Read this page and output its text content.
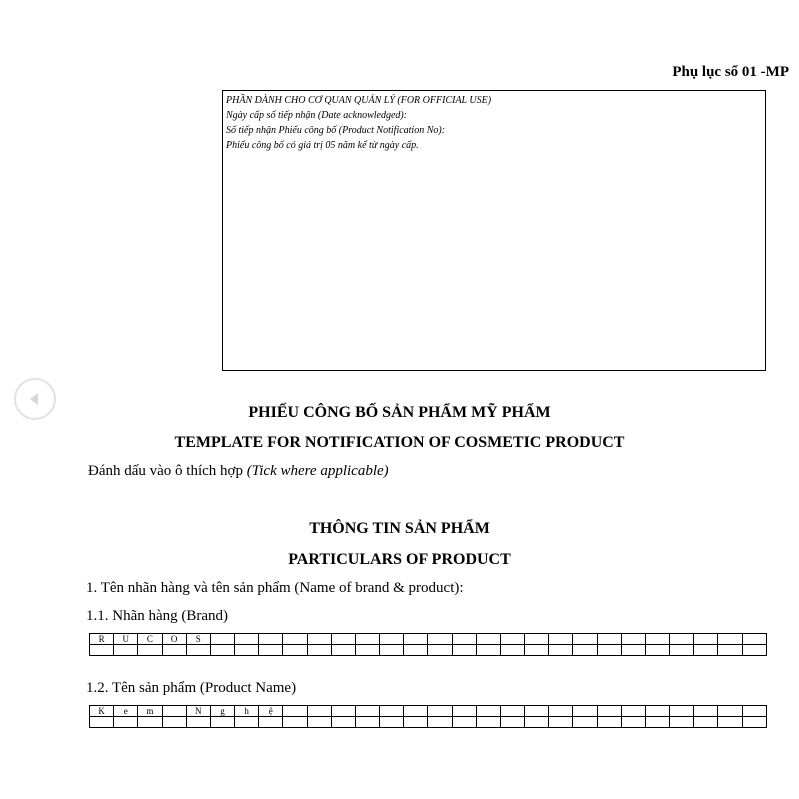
Phụ lục số 01 -MP
PHẦN DÀNH CHO CƠ QUAN QUẢN LÝ (FOR OFFICIAL USE)
Ngày cấp số tiếp nhận (Date acknowledged):
Số tiếp nhận Phiếu công bố (Product Notification No):
Phiếu công bố có giá trị 05 năm kể từ ngày cấp.
PHIẾU CÔNG BỐ SẢN PHẨM MỸ PHẨM
TEMPLATE FOR NOTIFICATION OF COSMETIC PRODUCT
Đánh dấu vào ô thích hợp (Tick where applicable)
THÔNG TIN SẢN PHẨM
PARTICULARS OF PRODUCT
1. Tên nhãn hàng và tên sản phẩm (Name of brand & product):
1.1. Nhãn hàng (Brand)
R	U	C	O	S																							

1.2. Tên sản phẩm (Product Name)
K	e	m		N	g	h	ệ																				
